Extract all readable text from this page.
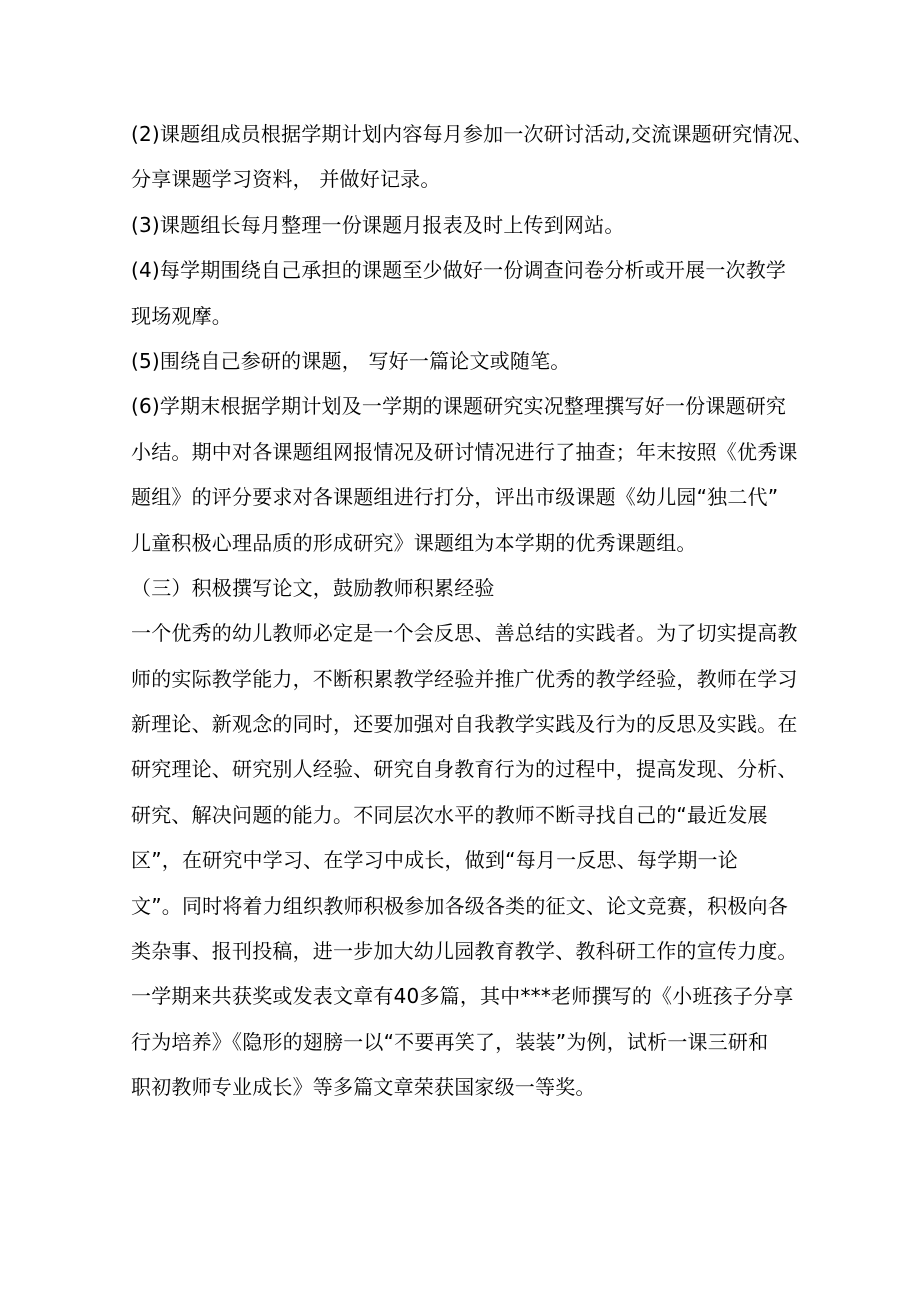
(2)课题组成员根据学期计划内容每月参加一次研讨活动,交流课题研究情况、
分享课题学习资料， 并做好记录。
(3)课题组长每月整理一份课题月报表及时上传到网站。
(4)每学期围绕自己承担的课题至少做好一份调查问卷分析或开展一次教学
现场观摩。
(5)围绕自己参研的课题， 写好一篇论文或随笔。
(6)学期末根据学期计划及一学期的课题研究实况整理撰写好一份课题研究
小结。期中对各课题组网报情况及研讨情况进行了抽查；年末按照《优秀课
题组》的评分要求对各课题组进行打分，评出市级课题《幼儿园“独二代”
儿童积极心理品质的形成研究》课题组为本学期的优秀课题组。
（三）积极撰写论文，鼓励教师积累经验
一个优秀的幼儿教师必定是一个会反思、善总结的实践者。为了切实提高教
师的实际教学能力，不断积累教学经验并推广优秀的教学经验，教师在学习
新理论、新观念的同时，还要加强对自我教学实践及行为的反思及实践。在
研究理论、研究别人经验、研究自身教育行为的过程中，提高发现、分析、
研究、解决问题的能力。不同层次水平的教师不断寻找自己的“最近发展
区”，在研究中学习、在学习中成长，做到“每月一反思、每学期一论
文”。同时将着力组织教师积极参加各级各类的征文、论文竞赛，积极向各
类杂事、报刊投稿，进一步加大幼儿园教育教学、教科研工作的宣传力度。
一学期来共获奖或发表文章有40多篇，其中***老师撰写的《小班孩子分享
行为培养》《隐形的翅膀一以“不要再笑了，装装”为例，试析一课三研和
职初教师专业成长》等多篇文章荣获国家级一等奖。
